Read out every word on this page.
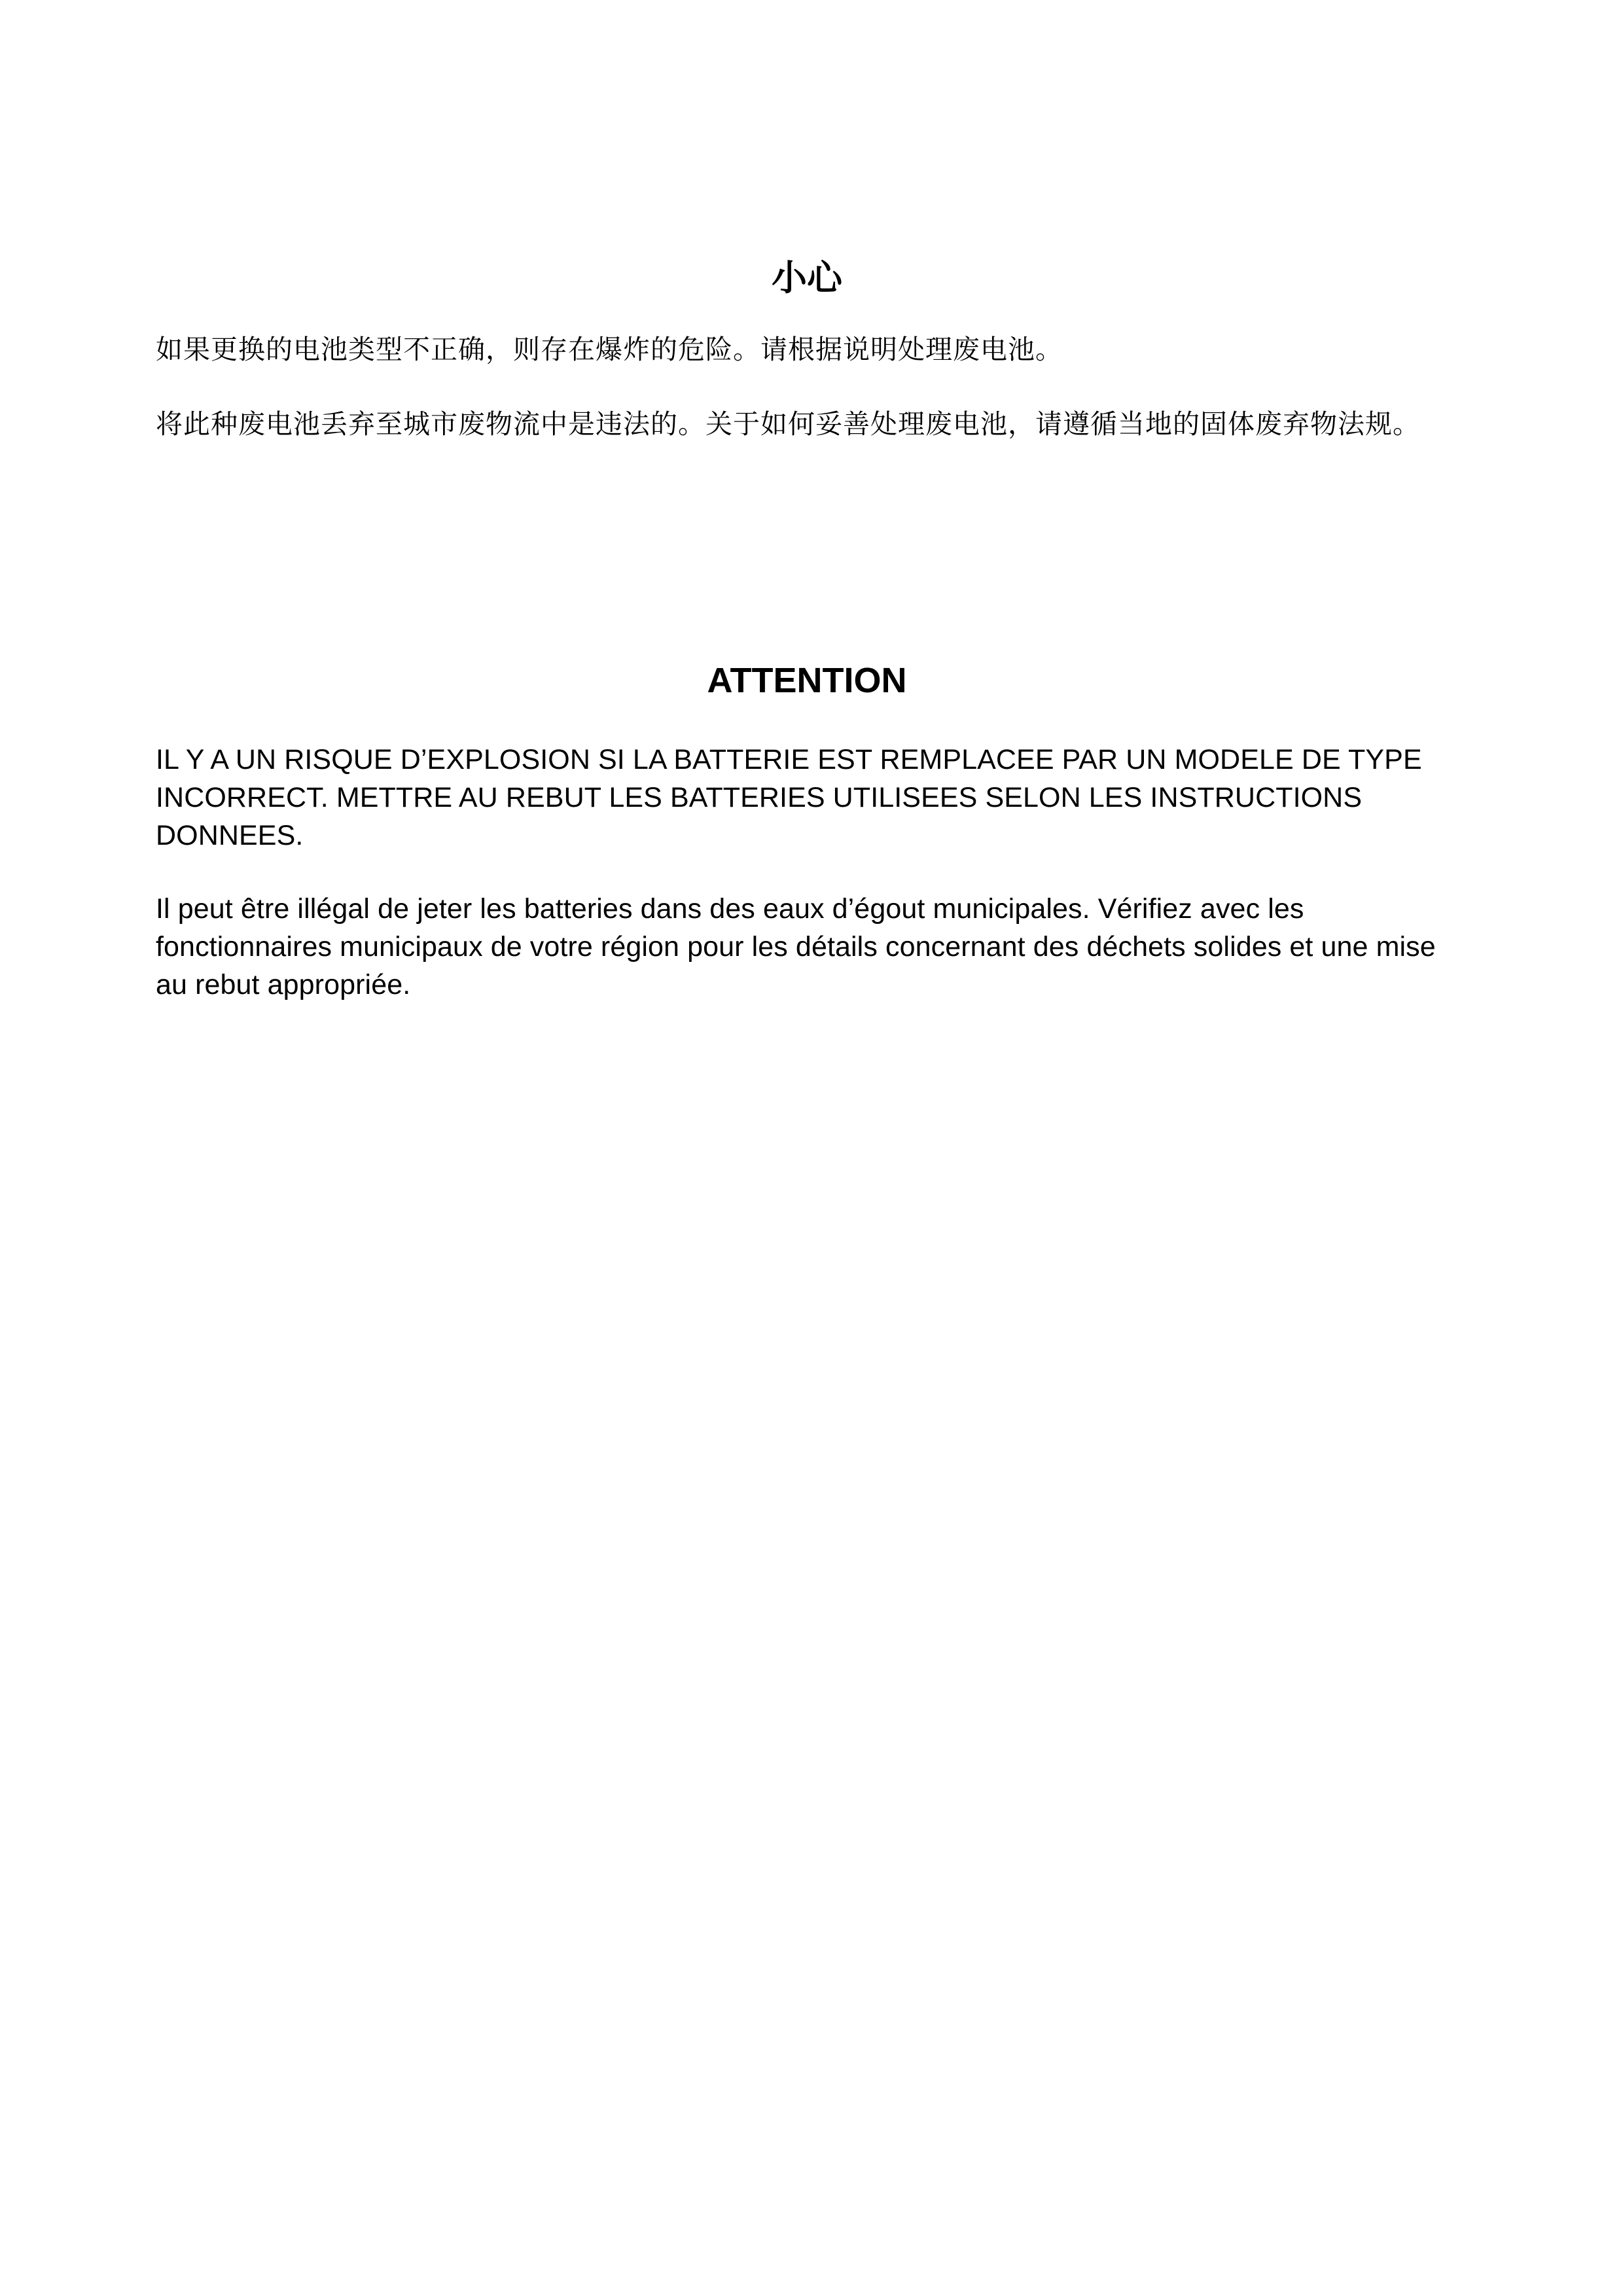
小心

如果更换的电池类型不正确，则存在爆炸的危险。请根据说明处理废电池。

将此种废电池丢弃至城市废物流中是违法的。关于如何妥善处理废电池，请遵循当地的固体废弃物法规。

ATTENTION

IL Y A UN RISQUE D’EXPLOSION SI LA BATTERIE EST REMPLACEE PAR UN MODELE DE TYPE INCORRECT. METTRE AU REBUT LES BATTERIES UTILISEES SELON LES INSTRUCTIONS DONNEES.

Il peut être illégal de jeter les batteries dans des eaux d’égout municipales. Vérifiez avec les fonctionnaires municipaux de votre région pour les détails concernant des déchets solides et une mise au rebut appropriée.
